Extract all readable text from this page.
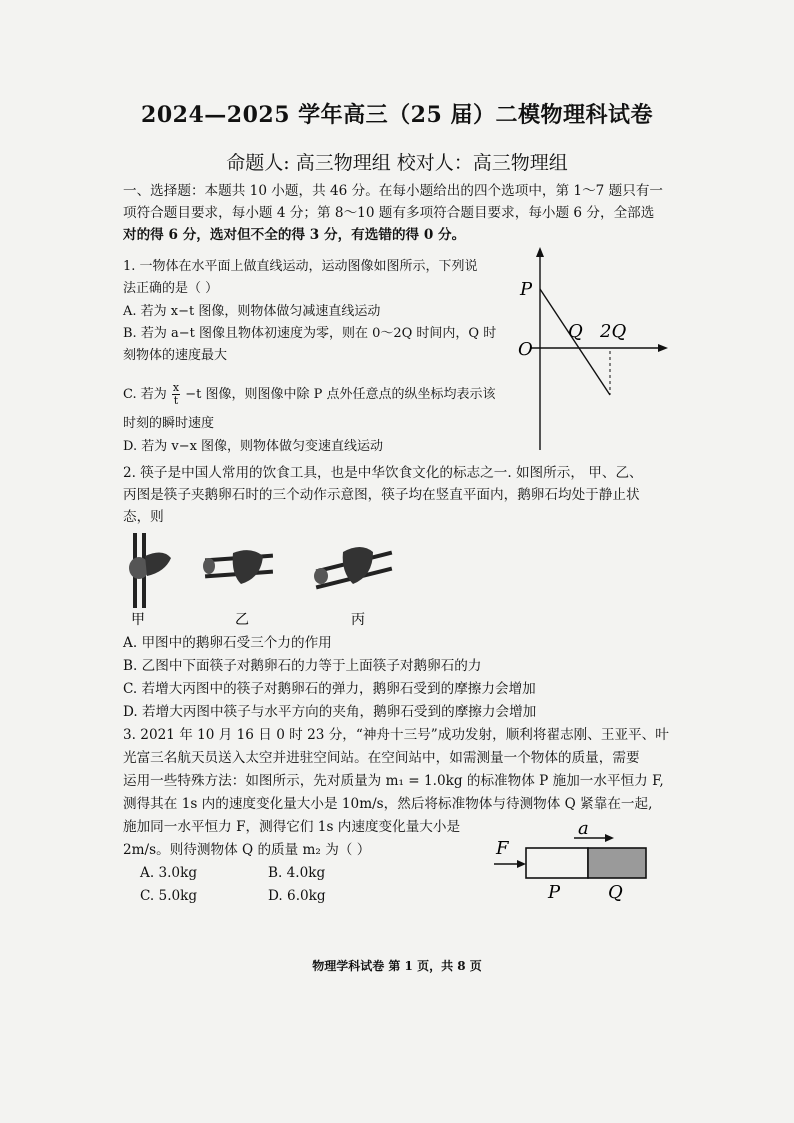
2024—2025 学年高三（25 届）二模物理科试卷
命题人: 高三物理组 校对人：高三物理组
一、选择题：本题共 10 小题，共 46 分。在每小题给出的四个选项中，第 1～7 题只有一
项符合题目要求，每小题 4 分；第 8～10 题有多项符合题目要求，每小题 6 分，全部选
对的得 6 分，选对但不全的得 3 分，有选错的得 0 分。
1. 一物体在水平面上做直线运动，运动图像如图所示，下列说
法正确的是（ ）
A. 若为 x−t 图像，则物体做匀减速直线运动
B. 若为 a−t 图像且物体初速度为零，则在 0～2Q 时间内，Q 时
刻物体的速度最大
C. 若为 $\frac{x}{t} -t$ 图像，则图像中除 P 点外任意点的纵坐标均表示该
时刻的瞬时速度
D. 若为 v−x 图像，则物体做匀变速直线运动
P
O
Q 2Q
2. 筷子是中国人常用的饮食工具，也是中华饮食文化的标志之一. 如图所示， 甲、乙、
丙图是筷子夹鹅卵石时的三个动作示意图，筷子均在竖直平面内，鹅卵石均处于静止状
态，则
甲	乙	丙
A. 甲图中的鹅卵石受三个力的作用
B. 乙图中下面筷子对鹅卵石的力等于上面筷子对鹅卵石的力
C. 若增大丙图中的筷子对鹅卵石的弹力，鹅卵石受到的摩擦力会增加
D. 若增大丙图中筷子与水平方向的夹角，鹅卵石受到的摩擦力会增加
3. 2021 年 10 月 16 日 0 时 23 分，“神舟十三号”成功发射，顺利将翟志刚、王亚平、叶
光富三名航天员送入太空并进驻空间站。在空间站中，如需测量一个物体的质量，需要
运用一些特殊方法：如图所示，先对质量为 m₁ = 1.0kg 的标准物体 P 施加一水平恒力 F,
测得其在 1s 内的速度变化量大小是 10m/s，然后将标准物体与待测物体 Q 紧靠在一起,
施加同一水平恒力 F，测得它们 1s 内速度变化量大小是
2m/s。则待测物体 Q 的质量 m₂ 为（ ）
A. 3.0kg	B. 4.0kg
C. 5.0kg	D. 6.0kg
F
a
P	Q
物理学科试卷 第 1 页，共 8 页
